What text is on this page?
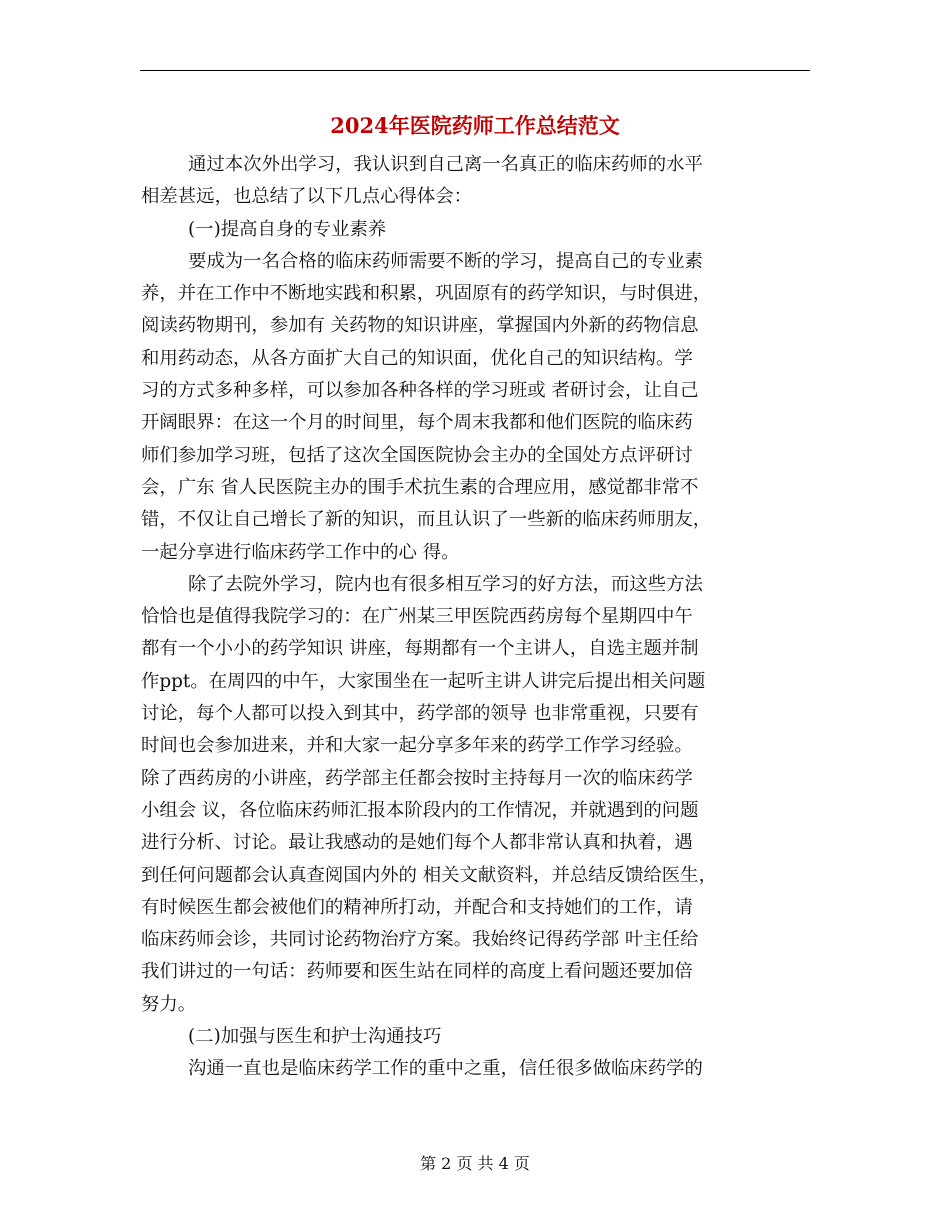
2024年医院药师工作总结范文
通过本次外出学习，我认识到自己离一名真正的临床药师的水平
相差甚远，也总结了以下几点心得体会：
(一)提高自身的专业素养
要成为一名合格的临床药师需要不断的学习，提高自己的专业素
养，并在工作中不断地实践和积累，巩固原有的药学知识，与时俱进，
阅读药物期刊，参加有 关药物的知识讲座，掌握国内外新的药物信息
和用药动态，从各方面扩大自己的知识面，优化自己的知识结构。学
习的方式多种多样，可以参加各种各样的学习班或 者研讨会，让自己
开阔眼界：在这一个月的时间里，每个周末我都和他们医院的临床药
师们参加学习班，包括了这次全国医院协会主办的全国处方点评研讨
会，广东 省人民医院主办的围手术抗生素的合理应用，感觉都非常不
错，不仅让自己增长了新的知识，而且认识了一些新的临床药师朋友，
一起分享进行临床药学工作中的心 得。
除了去院外学习，院内也有很多相互学习的好方法，而这些方法
恰恰也是值得我院学习的：在广州某三甲医院西药房每个星期四中午
都有一个小小的药学知识 讲座，每期都有一个主讲人，自选主题并制
作ppt。在周四的中午，大家围坐在一起听主讲人讲完后提出相关问题
讨论，每个人都可以投入到其中，药学部的领导 也非常重视，只要有
时间也会参加进来，并和大家一起分享多年来的药学工作学习经验。
除了西药房的小讲座，药学部主任都会按时主持每月一次的临床药学
小组会 议，各位临床药师汇报本阶段内的工作情况，并就遇到的问题
进行分析、讨论。最让我感动的是她们每个人都非常认真和执着，遇
到任何问题都会认真查阅国内外的 相关文献资料，并总结反馈给医生，
有时候医生都会被他们的精神所打动，并配合和支持她们的工作，请
临床药师会诊，共同讨论药物治疗方案。我始终记得药学部 叶主任给
我们讲过的一句话：药师要和医生站在同样的高度上看问题还要加倍
努力。
(二)加强与医生和护士沟通技巧
沟通一直也是临床药学工作的重中之重，信任很多做临床药学的
第 2 页 共 4 页
